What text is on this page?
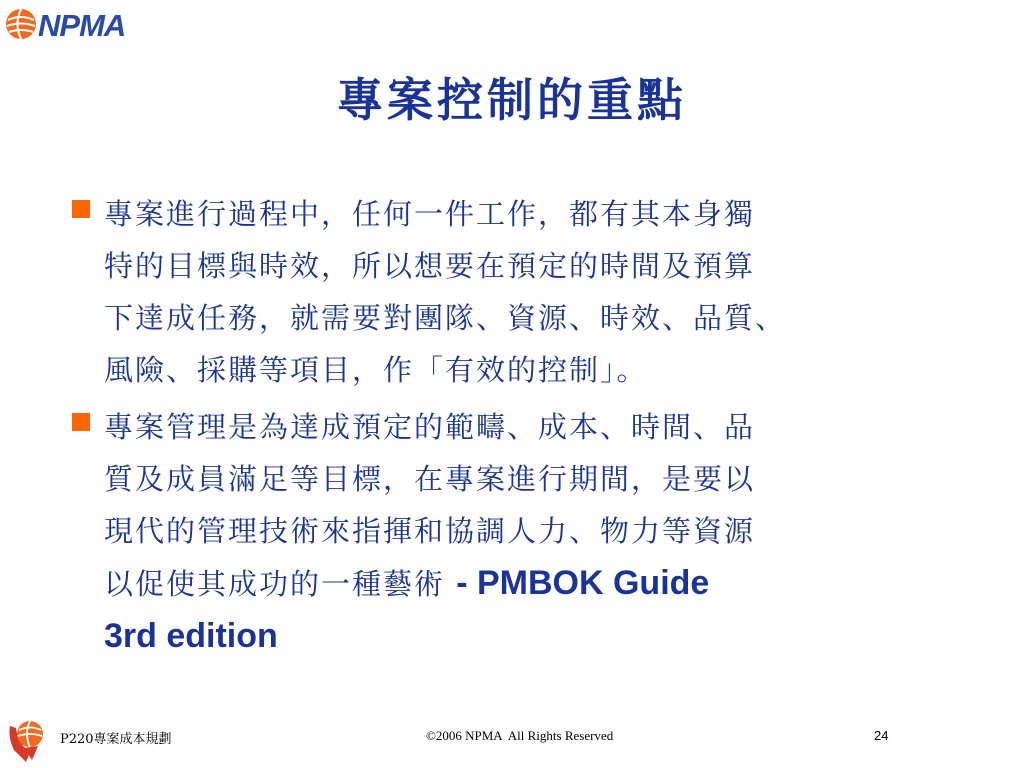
NPMA
專案控制的重點
專案進行過程中，任何一件工作，都有其本身獨
特的目標與時效，所以想要在預定的時間及預算
下達成任務，就需要對團隊、資源、時效、品質、
風險、採購等項目，作「有效的控制」。
專案管理是為達成預定的範疇、成本、時間、品
質及成員滿足等目標，在專案進行期間，是要以
現代的管理技術來指揮和協調人力、物力等資源
以促使其成功的一種藝術 - PMBOK Guide
3rd edition
P220專案成本規劃	©2006 NPMA  All Rights Reserved	24
